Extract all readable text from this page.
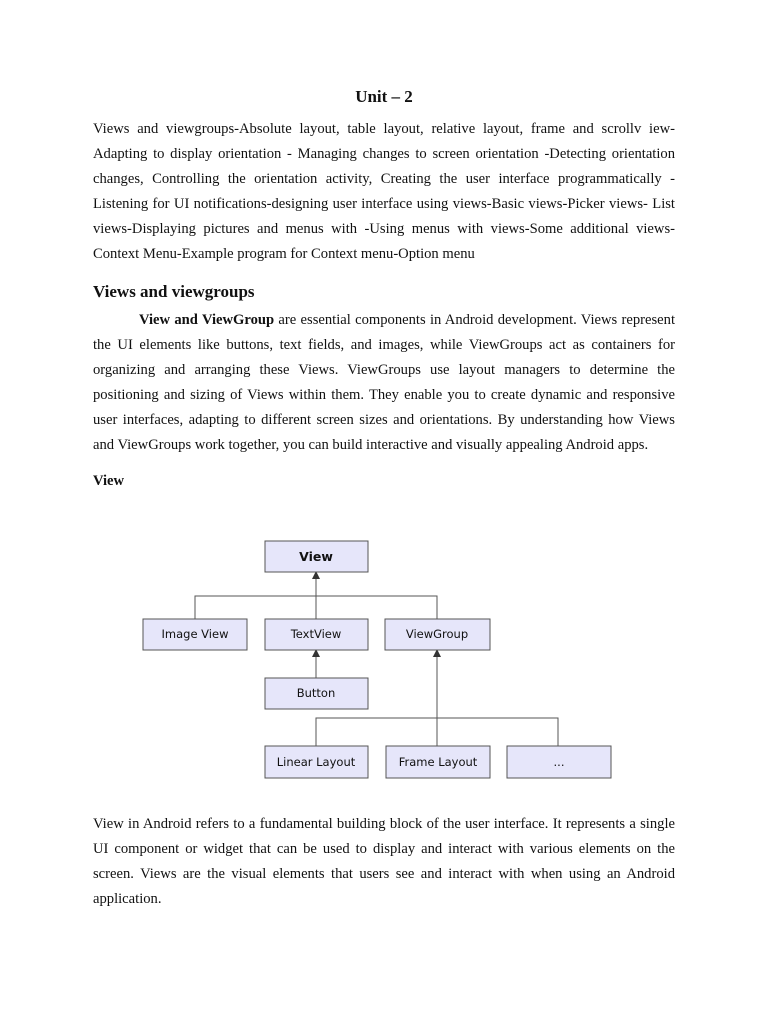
Unit – 2

Views and viewgroups-Absolute layout, table layout, relative layout, frame and scrollv iew- Adapting to display orientation - Managing changes to screen orientation -Detecting orientation changes, Controlling the orientation activity, Creating the user interface programmatically - Listening for UI notifications-designing user interface using views-Basic views-Picker views- List views-Displaying pictures and menus with -Using menus with views-Some additional views-Context Menu-Example program for Context menu-Option menu

Views and viewgroups

View and ViewGroup are essential components in Android development. Views represent the UI elements like buttons, text fields, and images, while ViewGroups act as containers for organizing and arranging these Views. ViewGroups use layout managers to determine the positioning and sizing of Views within them. They enable you to create dynamic and responsive user interfaces, adapting to different screen sizes and orientations. By understanding how Views and ViewGroups work together, you can build interactive and visually appealing Android apps.

View
View
Image View	TextView	ViewGroup
Button
Linear Layout	Frame Layout	...

View in Android refers to a fundamental building block of the user interface. It represents a single UI component or widget that can be used to display and interact with various elements on the screen. Views are the visual elements that users see and interact with when using an Android application.
